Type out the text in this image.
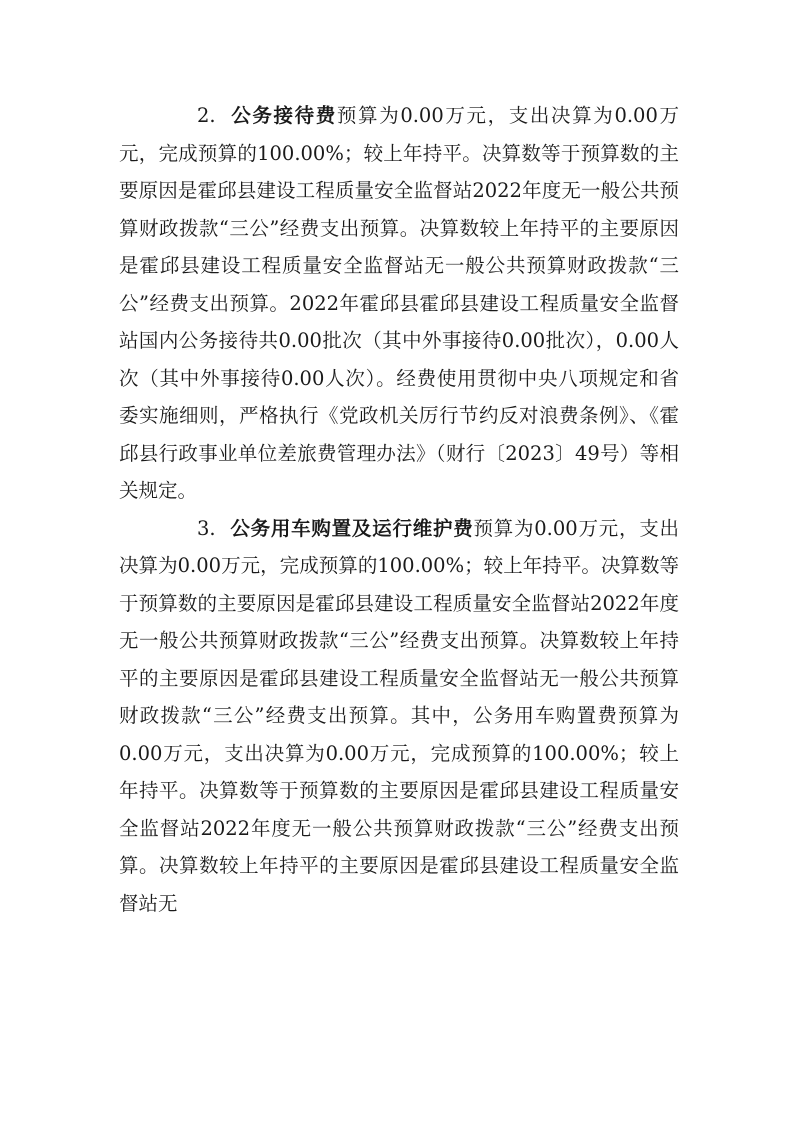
2. 公务接待费预算为0.00万元，支出决算为0.00万元，完成预算的100.00%；较上年持平。决算数等于预算数的主要原因是霍邱县建设工程质量安全监督站2022年度无一般公共预算财政拨款“三公”经费支出预算。决算数较上年持平的主要原因是霍邱县建设工程质量安全监督站无一般公共预算财政拨款“三公”经费支出预算。2022年霍邱县霍邱县建设工程质量安全监督站国内公务接待共0.00批次（其中外事接待0.00批次），0.00人次（其中外事接待0.00人次）。经费使用贯彻中央八项规定和省委实施细则，严格执行《党政机关厉行节约反对浪费条例》、《霍邱县行政事业单位差旅费管理办法》（财行〔2023〕49号）等相关规定。

3. 公务用车购置及运行维护费预算为0.00万元，支出决算为0.00万元，完成预算的100.00%；较上年持平。决算数等于预算数的主要原因是霍邱县建设工程质量安全监督站2022年度无一般公共预算财政拨款“三公”经费支出预算。决算数较上年持平的主要原因是霍邱县建设工程质量安全监督站无一般公共预算财政拨款“三公”经费支出预算。其中，公务用车购置费预算为0.00万元，支出决算为0.00万元，完成预算的100.00%；较上年持平。决算数等于预算数的主要原因是霍邱县建设工程质量安全监督站2022年度无一般公共预算财政拨款“三公”经费支出预算。决算数较上年持平的主要原因是霍邱县建设工程质量安全监督站无
